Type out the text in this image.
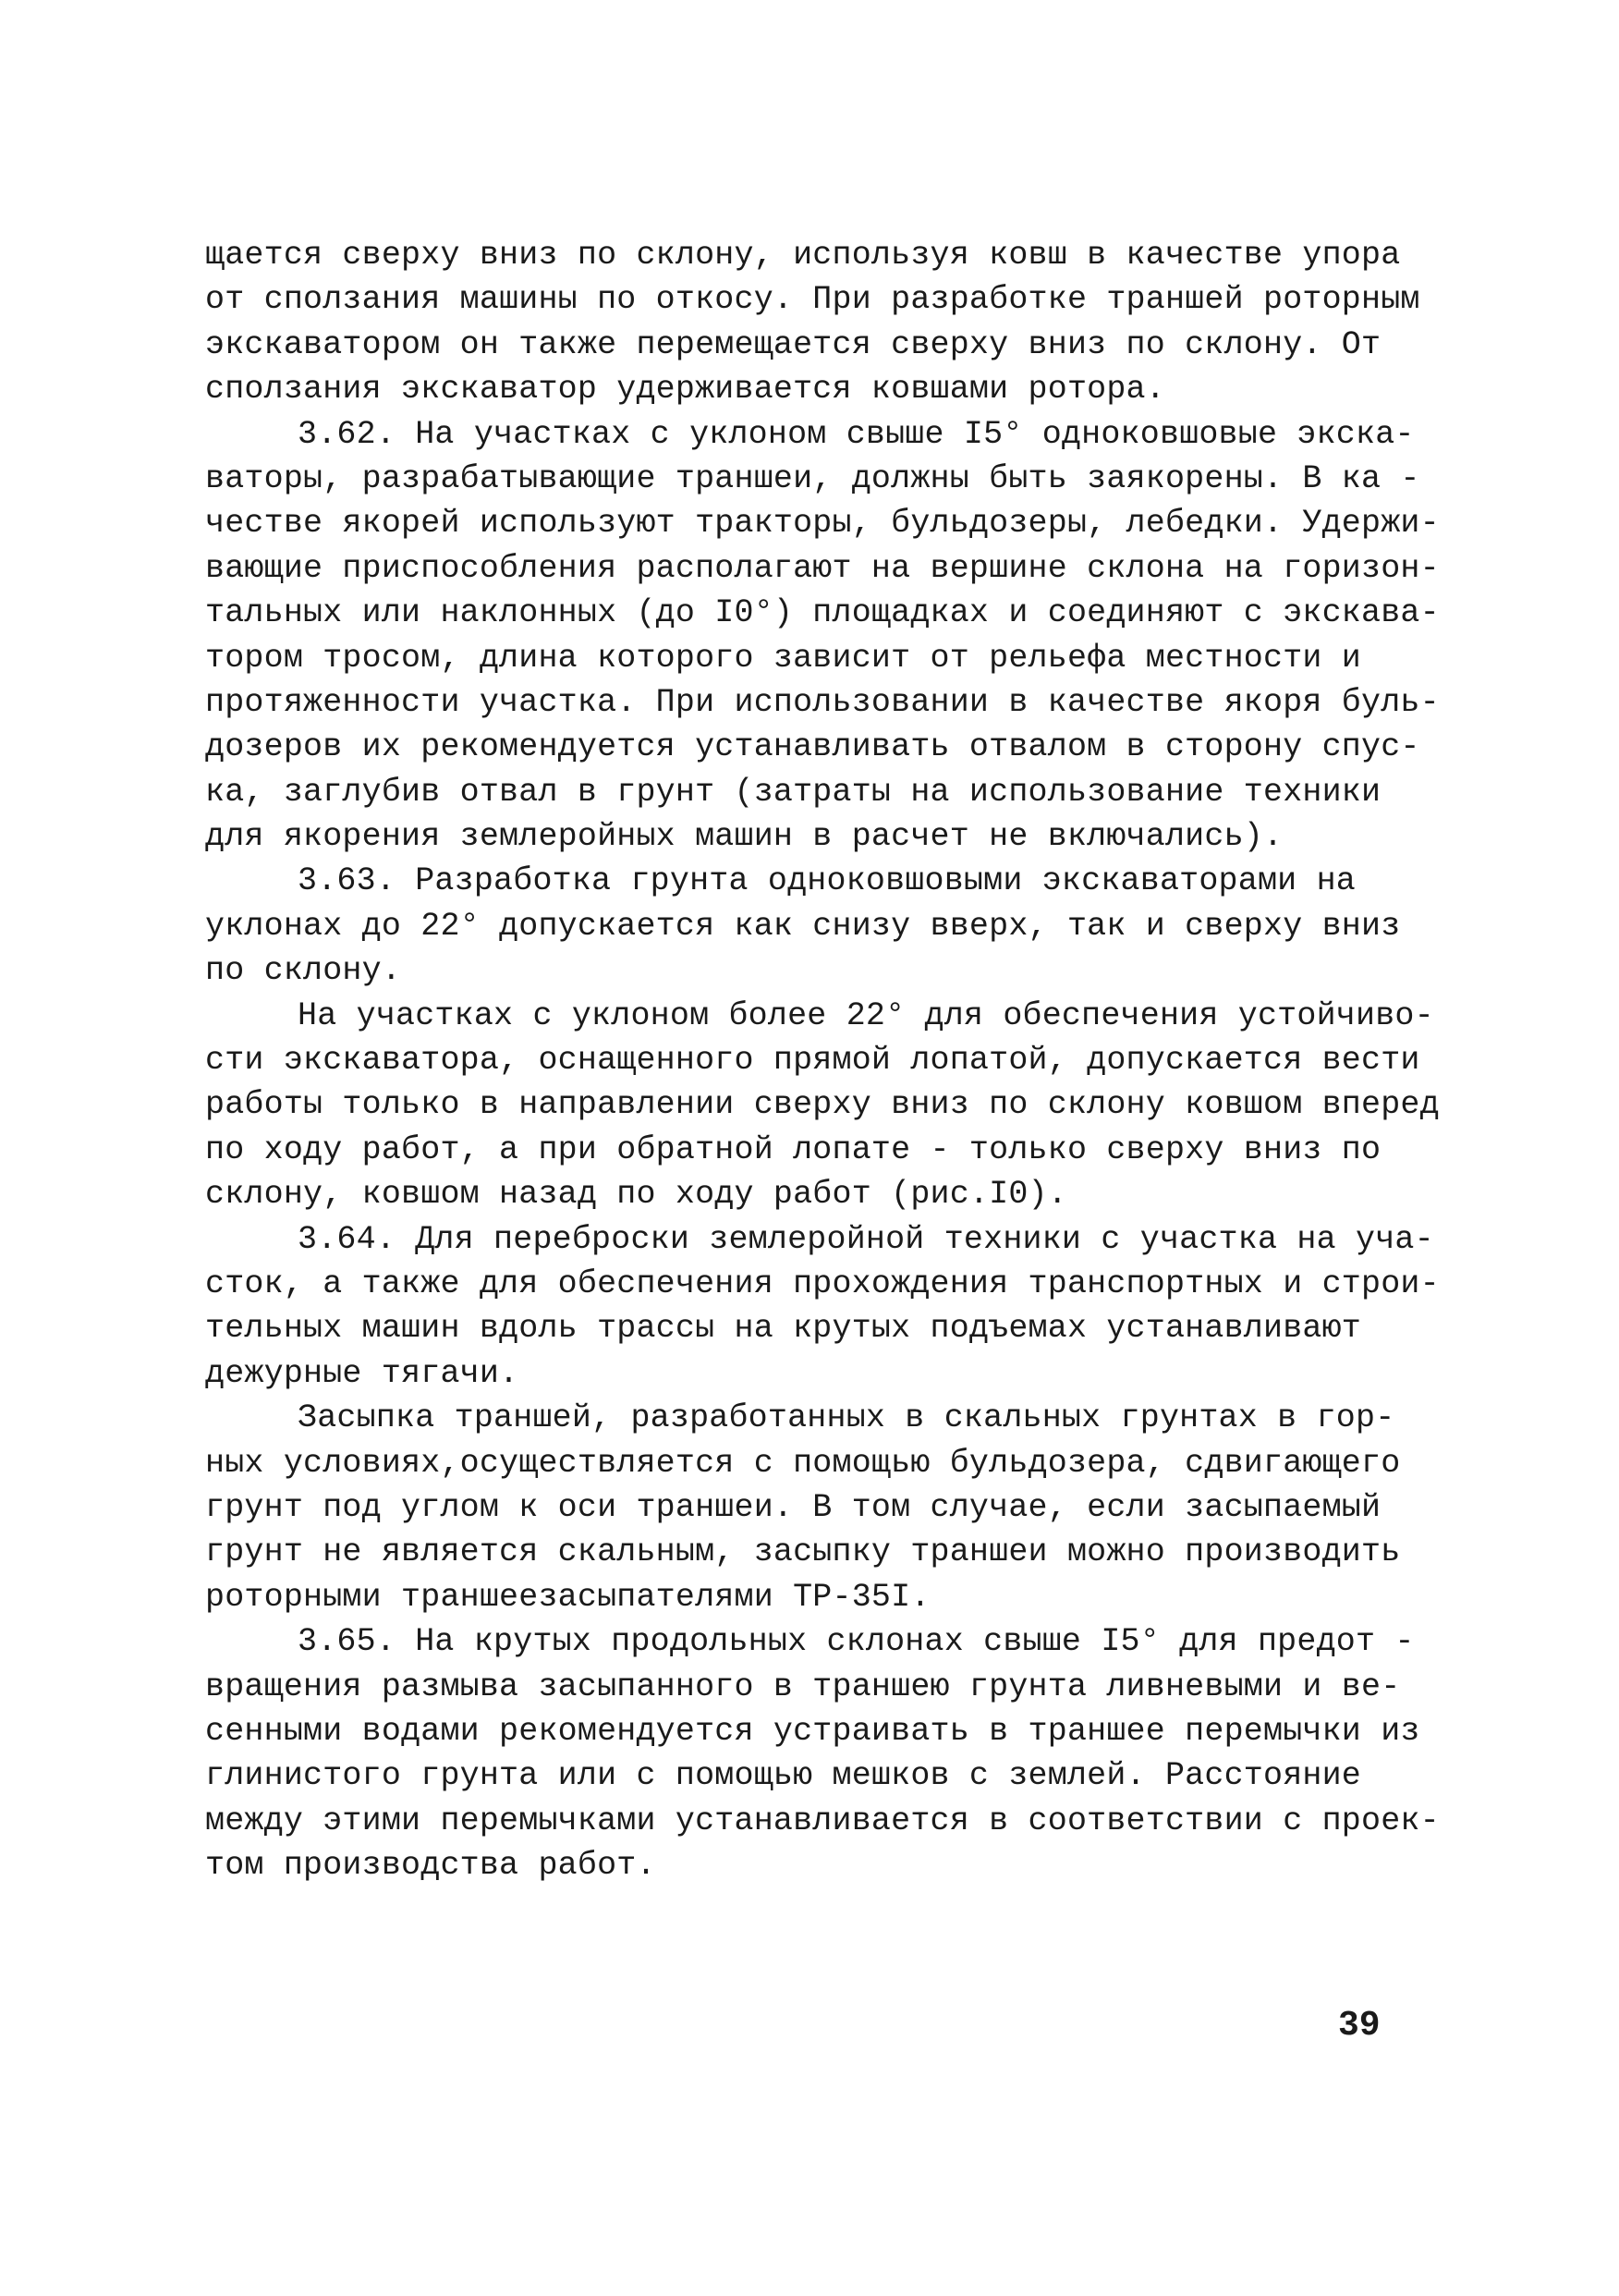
щается сверху вниз по склону, используя ковш в качестве упора
от сползания машины по откосу. При разработке траншей роторным
экскаватором он также перемещается сверху вниз по склону. От
сползания экскаватор удерживается ковшами ротора.
3.62. На участках с уклоном свыше I5° одноковшовые экска-
ваторы, разрабатывающие траншеи, должны быть заякорены. В ка -
честве якорей используют тракторы, бульдозеры, лебедки. Удержи-
вающие приспособления располагают на вершине склона на горизон-
тальных или наклонных (до I0°) площадках и соединяют с экскава-
тором тросом, длина которого зависит от рельефа местности и
протяженности участка. При использовании в качестве якоря буль-
дозеров их рекомендуется устанавливать отвалом в сторону спус-
ка, заглубив отвал в грунт (затраты на использование техники
для якорения землеройных машин в расчет не включались).
3.63. Разработка грунта одноковшовыми экскаваторами на
уклонах до 22° допускается как снизу вверх, так и сверху вниз
по склону.
На участках с уклоном более 22° для обеспечения устойчиво-
сти экскаватора, оснащенного прямой лопатой, допускается вести
работы только в направлении сверху вниз по склону ковшом вперед
по ходу работ, а при обратной лопате - только сверху вниз по
склону, ковшом назад по ходу работ (рис.I0).
3.64. Для переброски землеройной техники с участка на уча-
сток, а также для обеспечения прохождения транспортных и строи-
тельных машин вдоль трассы на крутых подъемах устанавливают
дежурные тягачи.
Засыпка траншей, разработанных в скальных грунтах в гор-
ных условиях,осуществляется с помощью бульдозера, сдвигающего
грунт под углом к оси траншеи. В том случае, если засыпаемый
грунт не является скальным, засыпку траншеи можно производить
роторными траншеезасыпателями ТР-35I.
3.65. На крутых продольных склонах свыше I5° для предот -
вращения размыва засыпанного в траншею грунта ливневыми и ве-
сенными водами рекомендуется устраивать в траншее перемычки из
глинистого грунта или с помощью мешков с землей. Расстояние
между этими перемычками устанавливается в соответствии с проек-
том производства работ.
39
